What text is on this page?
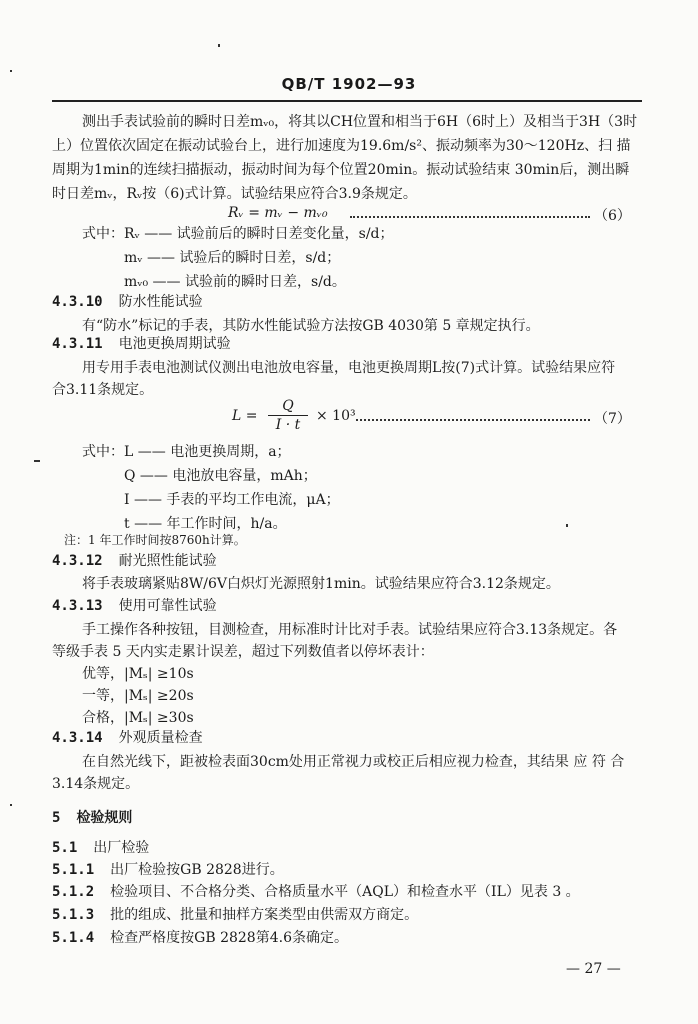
QB/T 1902—93
测出手表试验前的瞬时日差mᵥ₀，将其以CH位置和相当于6H（6时上）及相当于3H（3时
上）位置依次固定在振动试验台上，进行加速度为19.6m/s²、振动频率为30～120Hz、扫 描
周期为1min的连续扫描振动，振动时间为每个位置20min。振动试验结束 30min后，测出瞬
时日差mᵥ，Rᵥ按（6)式计算。试验结果应符合3.9条规定。
Rᵥ = mᵥ − mᵥ₀	（6）
式中：Rᵥ —— 试验前后的瞬时日差变化量，s/d；
mᵥ —— 试验后的瞬时日差，s/d；
mᵥ₀ —— 试验前的瞬时日差，s/d。
4.3.10 防水性能试验
有“防水”标记的手表，其防水性能试验方法按GB 4030第 5 章规定执行。
4.3.11 电池更换周期试验
用专用手表电池测试仪测出电池放电容量，电池更换周期L按(7)式计算。试验结果应符
合3.11条规定。
L =
Q
I · t
× 10³	（7）
式中：L —— 电池更换周期，a；
Q —— 电池放电容量，mAh；
I —— 手表的平均工作电流，μA；
t —— 年工作时间，h/a。
注：1 年工作时间按8760h计算。
4.3.12 耐光照性能试验
将手表玻璃紧贴8W/6V白炽灯光源照射1min。试验结果应符合3.12条规定。
4.3.13 使用可靠性试验
手工操作各种按钮，目测检查，用标准时计比对手表。试验结果应符合3.13条规定。各
等级手表 5 天内实走累计误差，超过下列数值者以停坏表计：
优等，|Mₛ| ≥10s
一等，|Mₛ| ≥20s
合格，|Mₛ| ≥30s
4.3.14 外观质量检查
在自然光线下，距被检表面30cm处用正常视力或校正后相应视力检查，其结果 应 符 合
3.14条规定。
5 检验规则
5.1 出厂检验
5.1.1 出厂检验按GB 2828进行。
5.1.2 检验项目、不合格分类、合格质量水平（AQL）和检查水平（IL）见表 3 。
5.1.3 批的组成、批量和抽样方案类型由供需双方商定。
5.1.4 检查严格度按GB 2828第4.6条确定。
— 27 —
